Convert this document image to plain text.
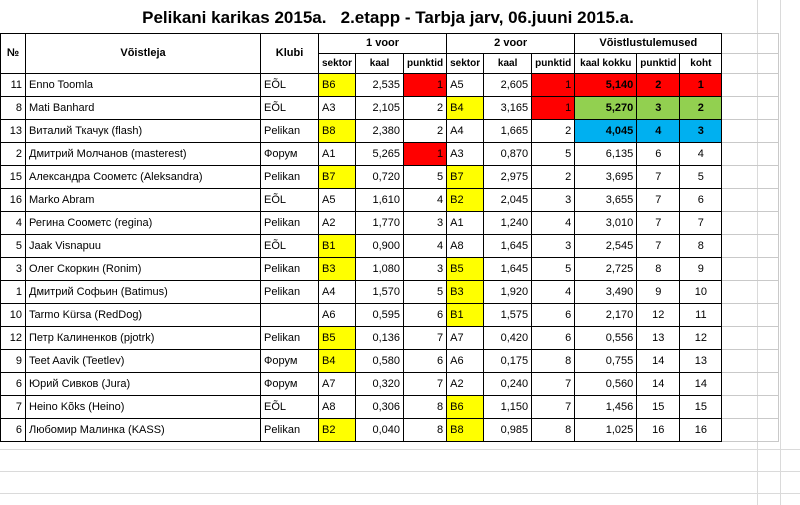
Pelikani karikas 2015a.   2.etapp - Tarbja jarv, 06.juuni 2015.a.
№	Võistleja	Klubi	1 voor			2 voor			Võistlustulemused			
			sektor	kaal	punktid	sektor	kaal	punktid	kaal kokku	punktid	koht	
11	Enno Toomla	EÕL	B6	2,535	1	A5	2,605	1	5,140	2	1	
8	Mati Banhard	EÕL	A3	2,105	2	B4	3,165	1	5,270	3	2	
13	Виталий Ткачук (flash)	Pelikan	B8	2,380	2	A4	1,665	2	4,045	4	3	
2	Дмитрий Молчанов (masterest)	Форум	A1	5,265	1	A3	0,870	5	6,135	6	4	
15	Александра Соометс (Aleksandra)	Pelikan	B7	0,720	5	B7	2,975	2	3,695	7	5	
16	Marko Abram	EÕL	A5	1,610	4	B2	2,045	3	3,655	7	6	
4	Регина Соометс (regina)	Pelikan	A2	1,770	3	A1	1,240	4	3,010	7	7	
5	Jaak Visnapuu	EÕL	B1	0,900	4	A8	1,645	3	2,545	7	8	
3	Олег Скоркин (Ronim)	Pelikan	B3	1,080	3	B5	1,645	5	2,725	8	9	
1	Дмитрий Софьин (Batimus)	Pelikan	A4	1,570	5	B3	1,920	4	3,490	9	10	
10	Tarmo Kürsa (RedDog)		A6	0,595	6	B1	1,575	6	2,170	12	11	
12	Петр Калиненков (pjotrk)	Pelikan	B5	0,136	7	A7	0,420	6	0,556	13	12	
9	Teet Aavik (Teetlev)	Форум	B4	0,580	6	A6	0,175	8	0,755	14	13	
6	Юрий Сивков (Jura)	Форум	A7	0,320	7	A2	0,240	7	0,560	14	14	
7	Heino Kõks (Heino)	EÕL	A8	0,306	8	B6	1,150	7	1,456	15	15	
6	Любомир Малинка (KASS)	Pelikan	B2	0,040	8	B8	0,985	8	1,025	16	16	
